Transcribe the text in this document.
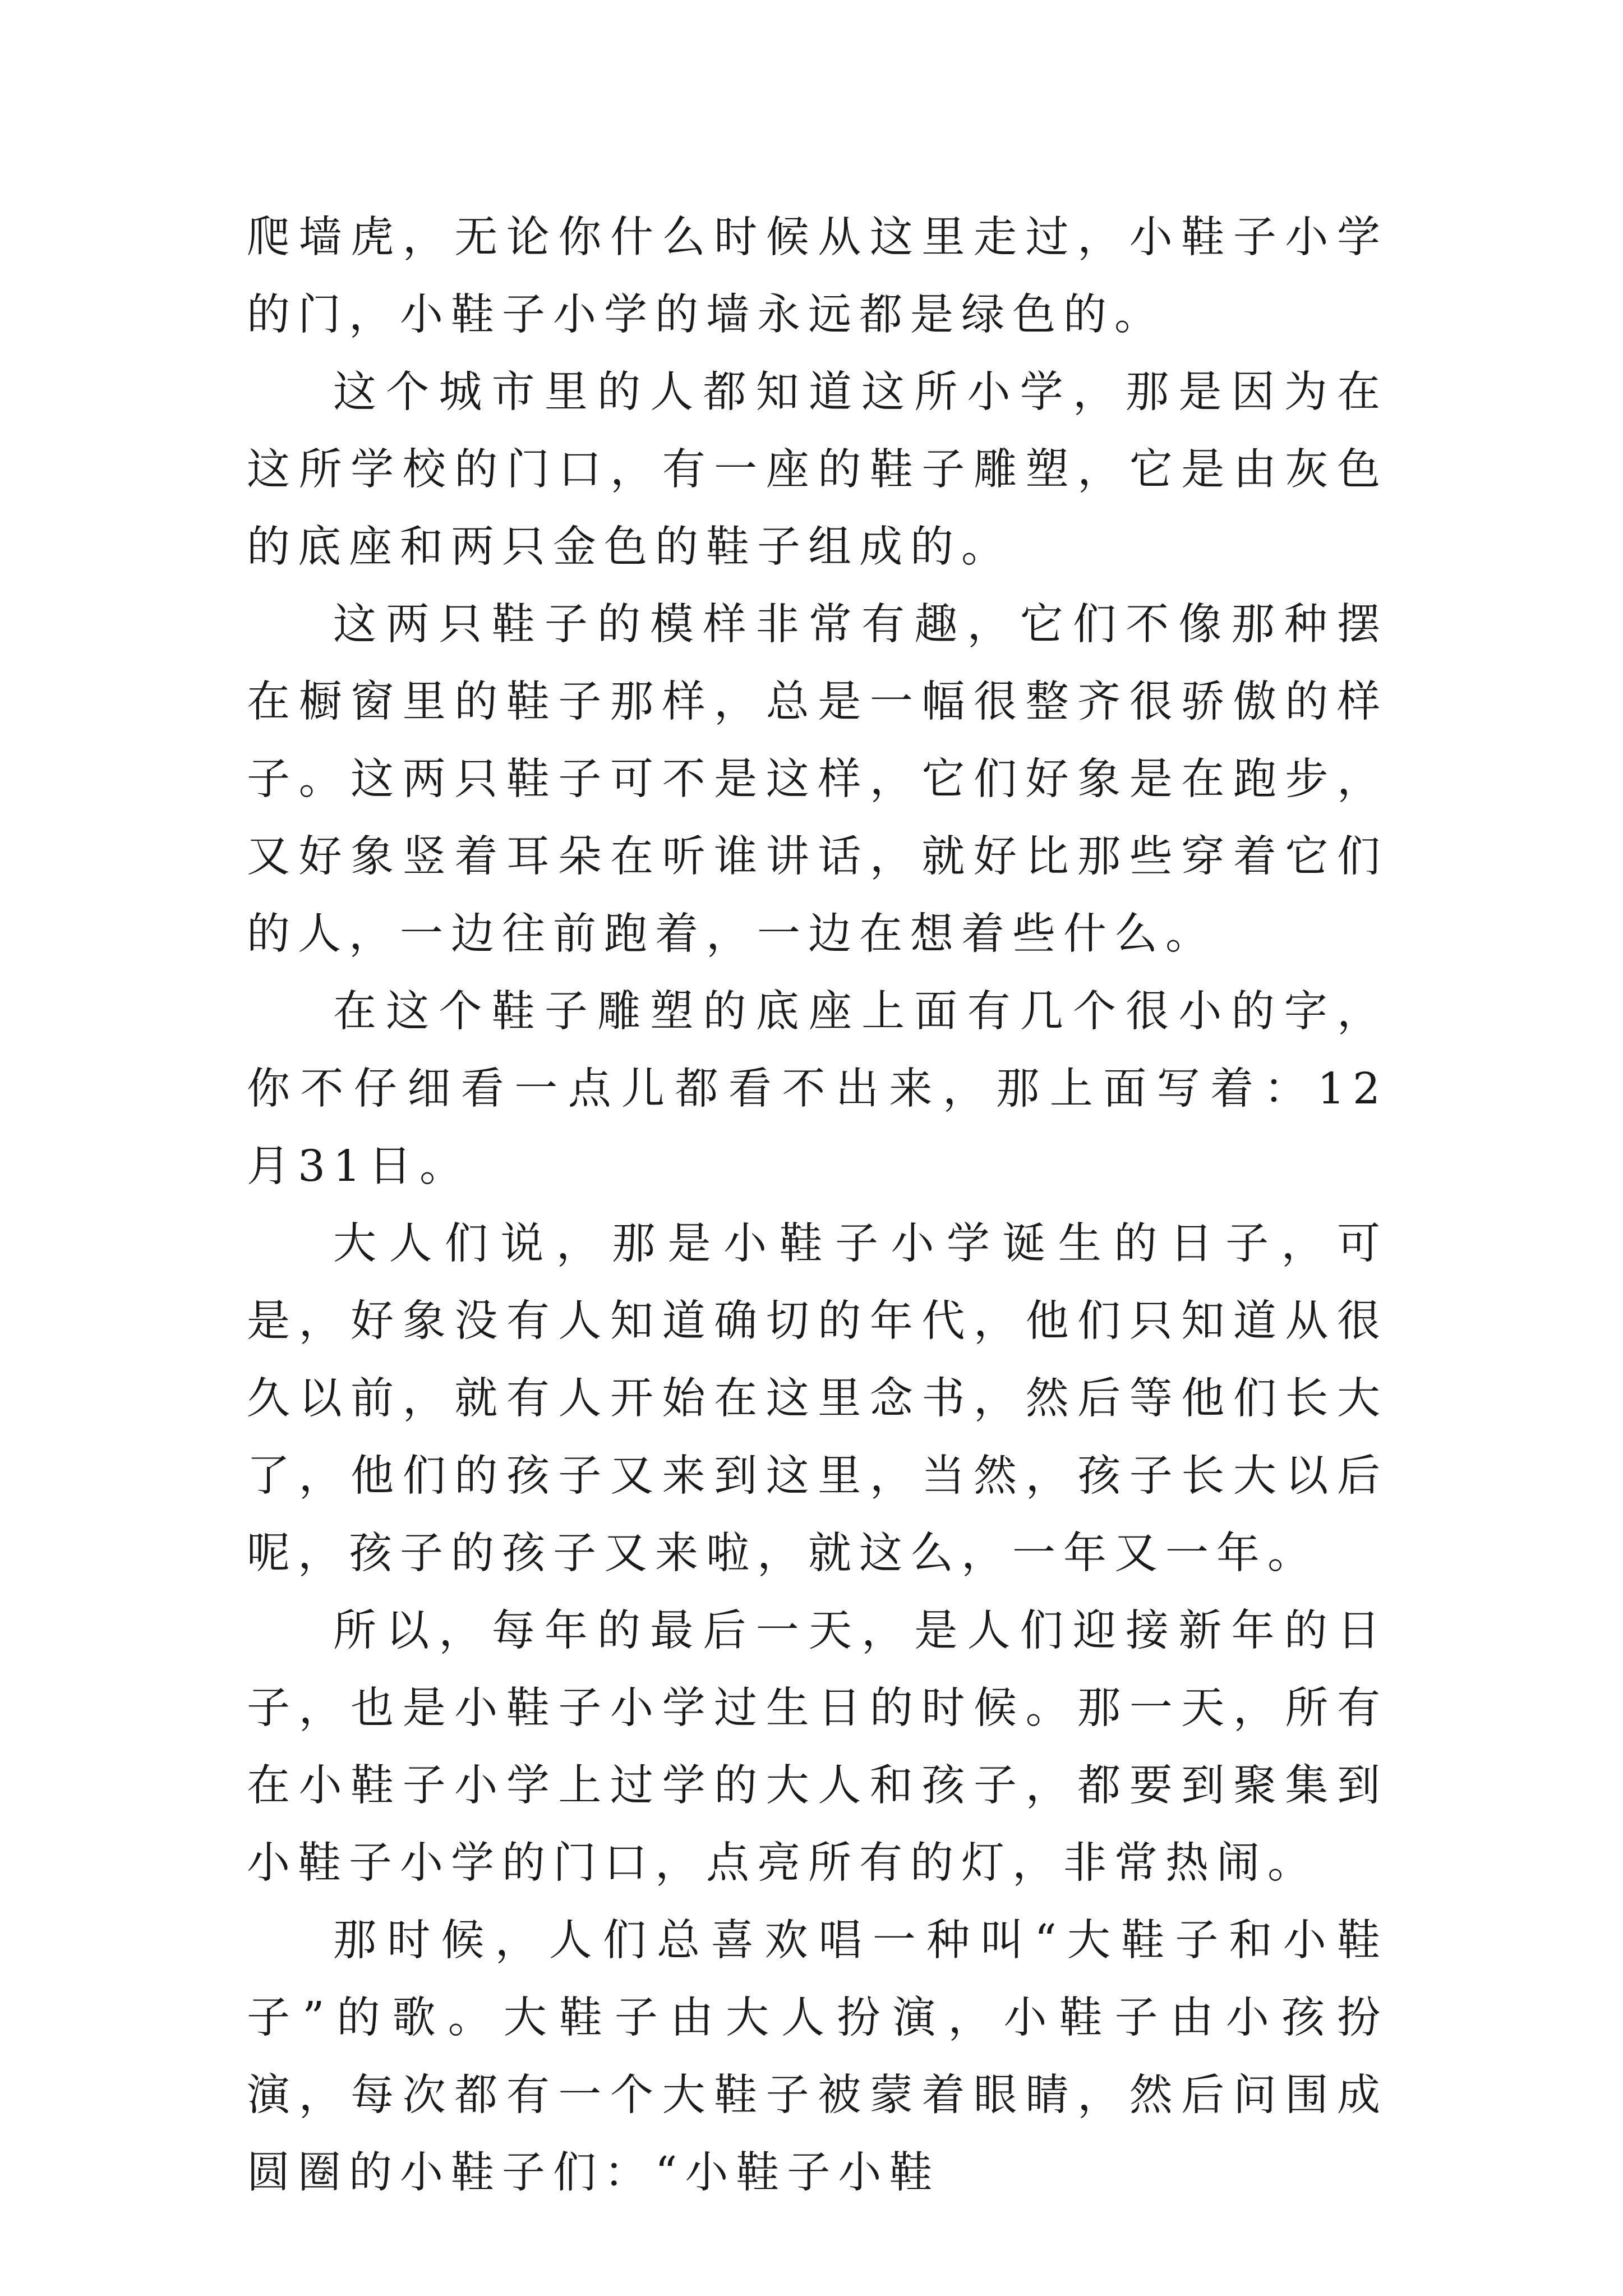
爬墙虎，无论你什么时候从这里走过，小鞋子小学的门，小鞋子小学的墙永远都是绿色的。

这个城市里的人都知道这所小学，那是因为在这所学校的门口，有一座的鞋子雕塑，它是由灰色的底座和两只金色的鞋子组成的。

这两只鞋子的模样非常有趣，它们不像那种摆在橱窗里的鞋子那样，总是一幅很整齐很骄傲的样子。这两只鞋子可不是这样，它们好象是在跑步，又好象竖着耳朵在听谁讲话，就好比那些穿着它们的人，一边往前跑着，一边在想着些什么。

在这个鞋子雕塑的底座上面有几个很小的字，你不仔细看一点儿都看不出来，那上面写着：12月31日。

大人们说，那是小鞋子小学诞生的日子，可是，好象没有人知道确切的年代，他们只知道从很久以前，就有人开始在这里念书，然后等他们长大了，他们的孩子又来到这里，当然，孩子长大以后呢，孩子的孩子又来啦，就这么，一年又一年。

所以，每年的最后一天，是人们迎接新年的日子，也是小鞋子小学过生日的时候。那一天，所有在小鞋子小学上过学的大人和孩子，都要到聚集到小鞋子小学的门口，点亮所有的灯，非常热闹。

那时候，人们总喜欢唱一种叫“大鞋子和小鞋子”的歌。大鞋子由大人扮演，小鞋子由小孩扮演，每次都有一个大鞋子被蒙着眼睛，然后问围成圆圈的小鞋子们：“小鞋子小鞋
